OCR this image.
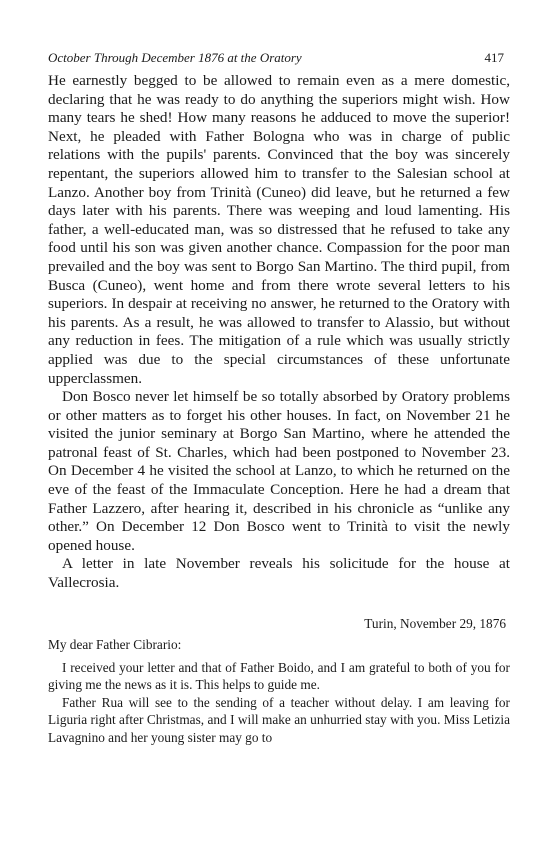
October Through December 1876 at the Oratory	417

He earnestly begged to be allowed to remain even as a mere domestic, declaring that he was ready to do anything the superiors might wish. How many tears he shed! How many reasons he adduced to move the superior! Next, he pleaded with Father Bologna who was in charge of public relations with the pupils' parents. Convinced that the boy was sincerely repentant, the superiors allowed him to transfer to the Salesian school at Lanzo. Another boy from Trinità (Cuneo) did leave, but he returned a few days later with his parents. There was weeping and loud lamenting. His father, a well-educated man, was so distressed that he refused to take any food until his son was given another chance. Compassion for the poor man prevailed and the boy was sent to Borgo San Martino. The third pupil, from Busca (Cuneo), went home and from there wrote several letters to his superiors. In despair at receiving no answer, he returned to the Oratory with his parents. As a result, he was allowed to transfer to Alassio, but without any reduction in fees. The mitigation of a rule which was usually strictly applied was due to the special circumstances of these unfortunate upperclassmen.

Don Bosco never let himself be so totally absorbed by Oratory problems or other matters as to forget his other houses. In fact, on November 21 he visited the junior seminary at Borgo San Martino, where he attended the patronal feast of St. Charles, which had been postponed to November 23. On December 4 he visited the school at Lanzo, to which he returned on the eve of the feast of the Immaculate Conception. Here he had a dream that Father Lazzero, after hearing it, described in his chronicle as “unlike any other.” On December 12 Don Bosco went to Trinità to visit the newly opened house.

A letter in late November reveals his solicitude for the house at Vallecrosia.

Turin, November 29, 1876
My dear Father Cibrario:

I received your letter and that of Father Boido, and I am grateful to both of you for giving me the news as it is. This helps to guide me.

Father Rua will see to the sending of a teacher without delay. I am leaving for Liguria right after Christmas, and I will make an unhurried stay with you. Miss Letizia Lavagnino and her young sister may go to
